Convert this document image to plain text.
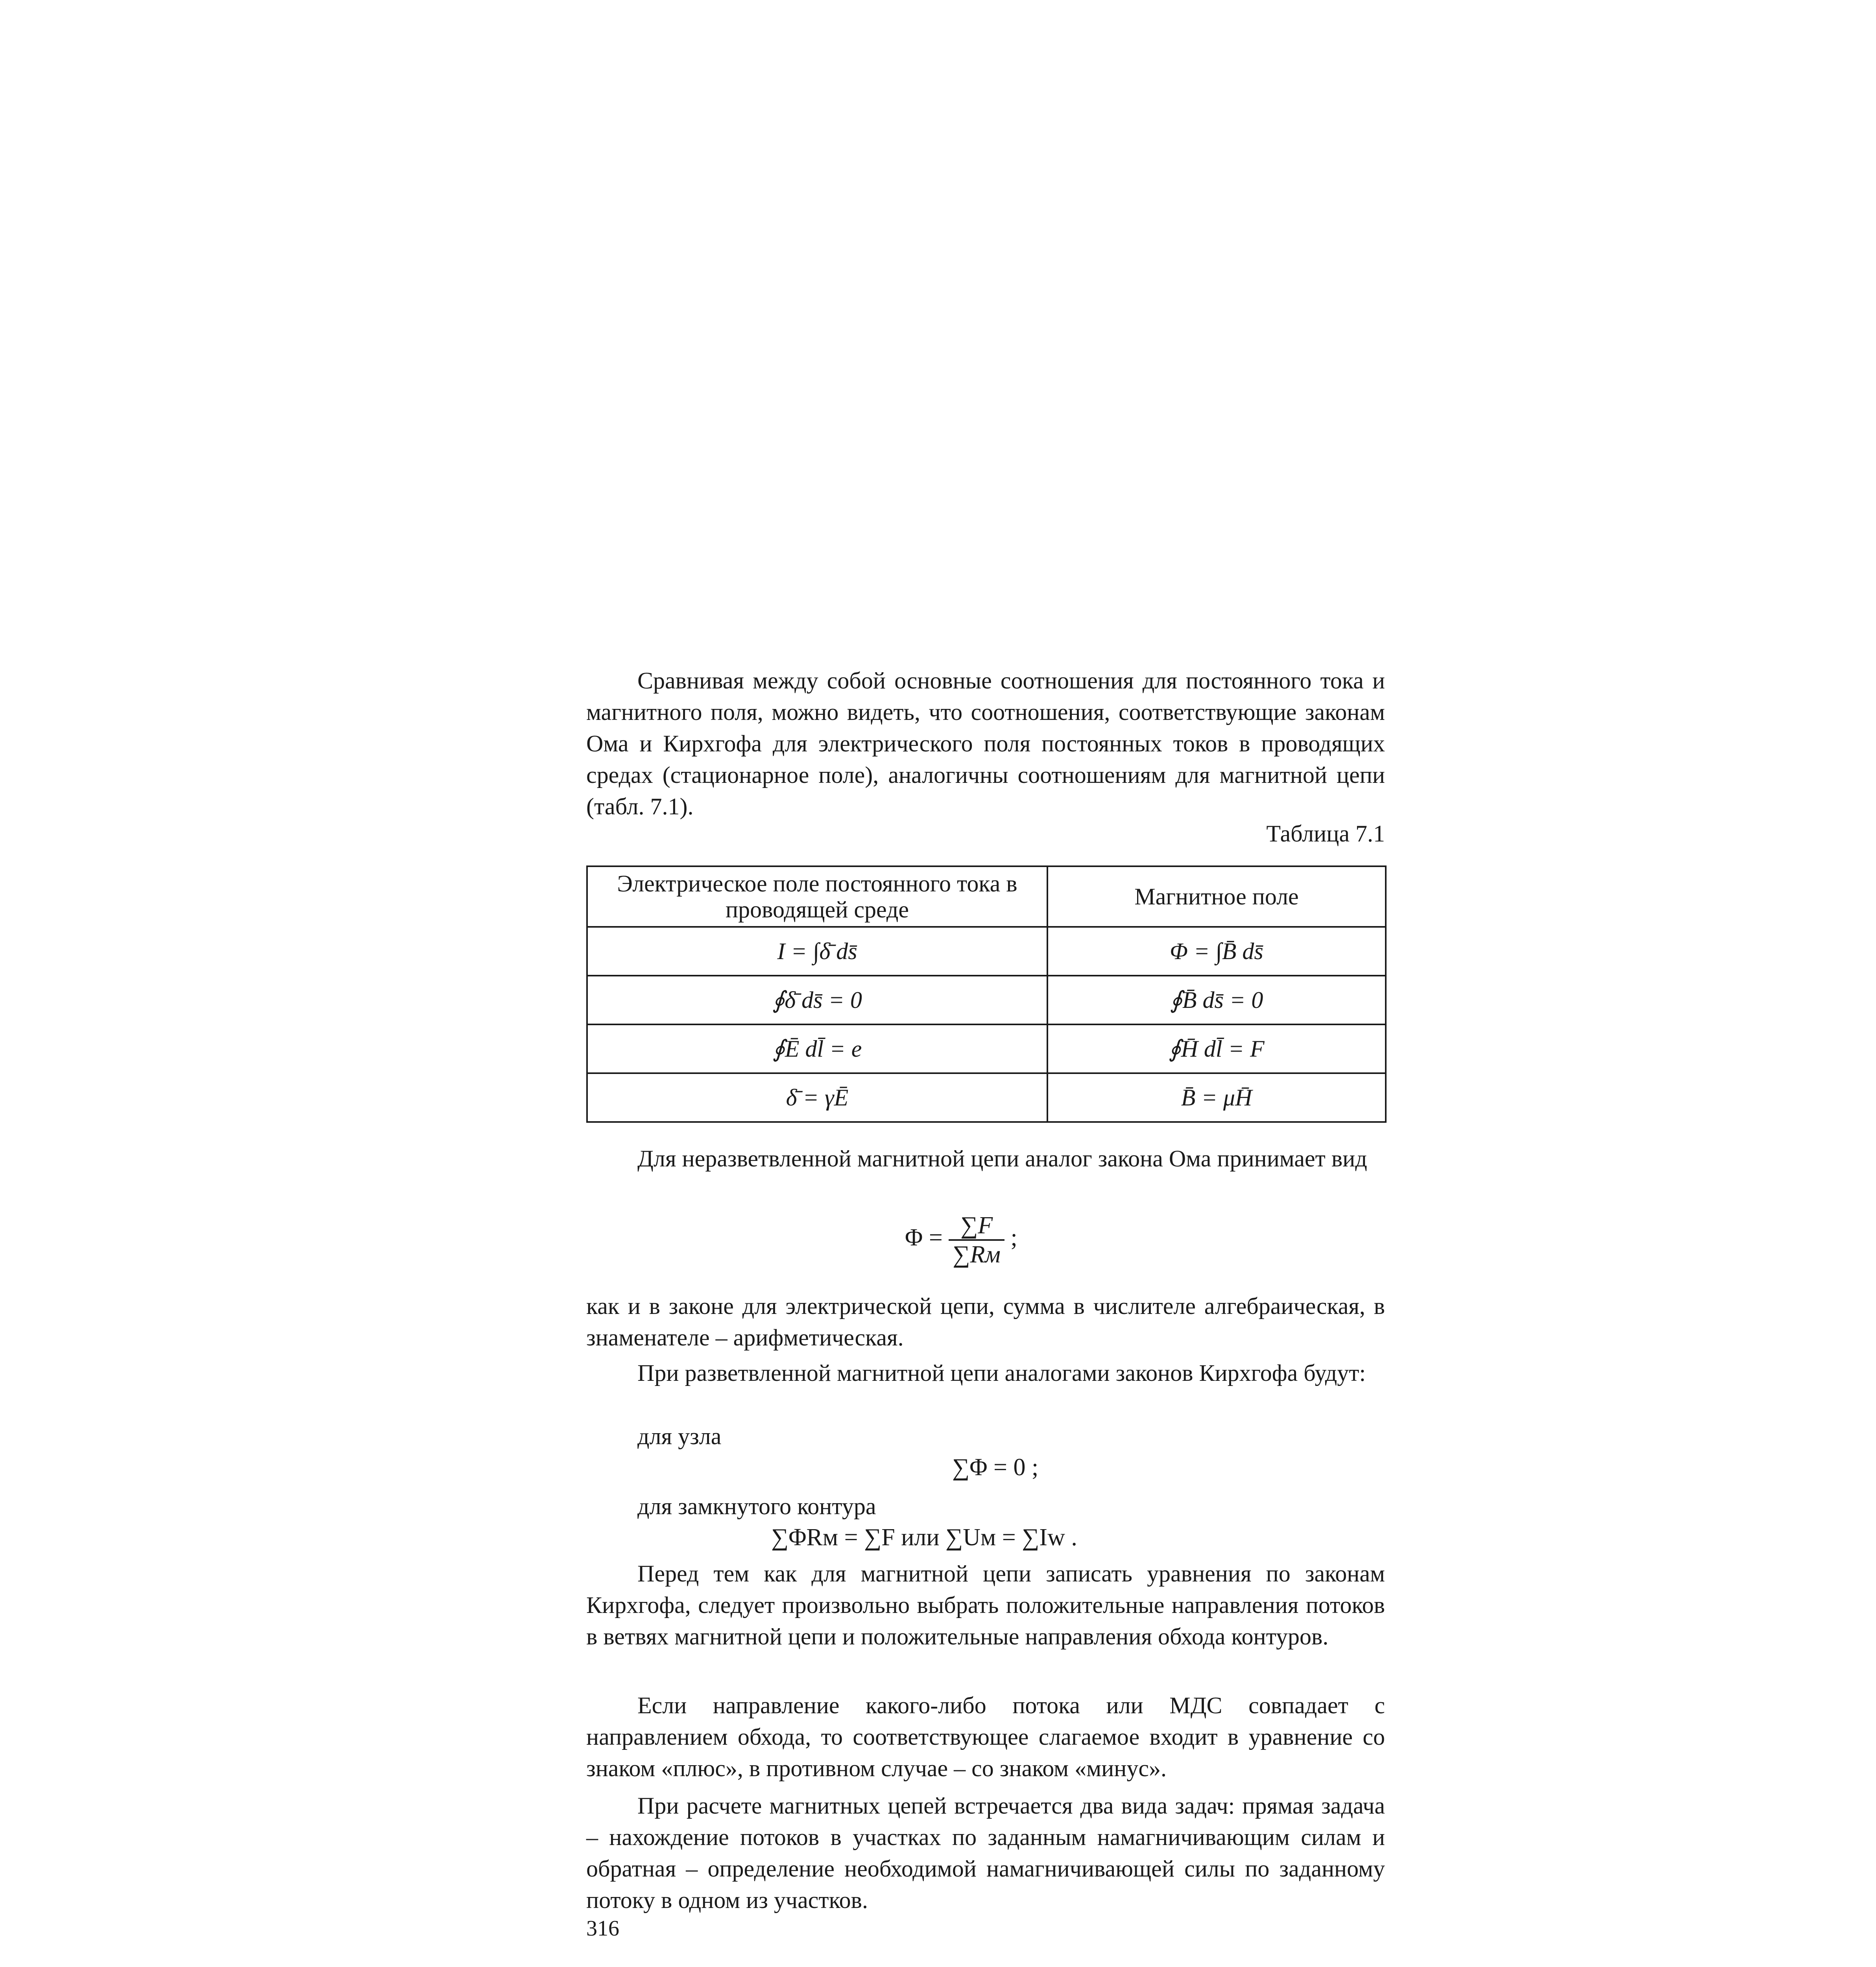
Сравнивая между собой основные соотношения для постоянного тока и магнитного поля, можно видеть, что соотношения, соответствующие законам Ома и Кирхгофа для электрического поля постоянных токов в проводящих средах (стационарное поле), аналогичны соотношениям для магнитной цепи (табл. 7.1).

Таблица 7.1
Электрическое поле постоянного тока в проводящей среде	Магнитное поле
I = ∫δ̄ ds̄	Φ = ∫B̄ ds̄
∮δ̄ ds̄ = 0	∮B̄ ds̄ = 0
∮Ē dl̄ = e	∮H̄ dl̄ = F
δ̄ = γĒ	B̄ = μH̄

Для неразветвленной магнитной цепи аналог закона Ома принимает вид

$\Phi = \frac{\sum F}{\sum Rм}$ ;

как и в законе для электрической цепи, сумма в числителе алгебраическая, в знаменателе – арифметическая.

При разветвленной магнитной цепи аналогами законов Кирхгофа будут:

для узла
∑Φ = 0 ;
для замкнутого контура
∑ΦRм = ∑F или ∑Uм = ∑Iw .

Перед тем как для магнитной цепи записать уравнения по законам Кирхгофа, следует произвольно выбрать положительные направления потоков в ветвях магнитной цепи и положительные направления обхода контуров.

Если направление какого-либо потока или МДС совпадает с направлением обхода, то соответствующее слагаемое входит в уравнение со знаком «плюс», в противном случае – со знаком «минус».

При расчете магнитных цепей встречается два вида задач: прямая задача – нахождение потоков в участках по заданным намагничивающим силам и обратная – определение необходимой намагничивающей силы по заданному потоку в одном из участков.

316
